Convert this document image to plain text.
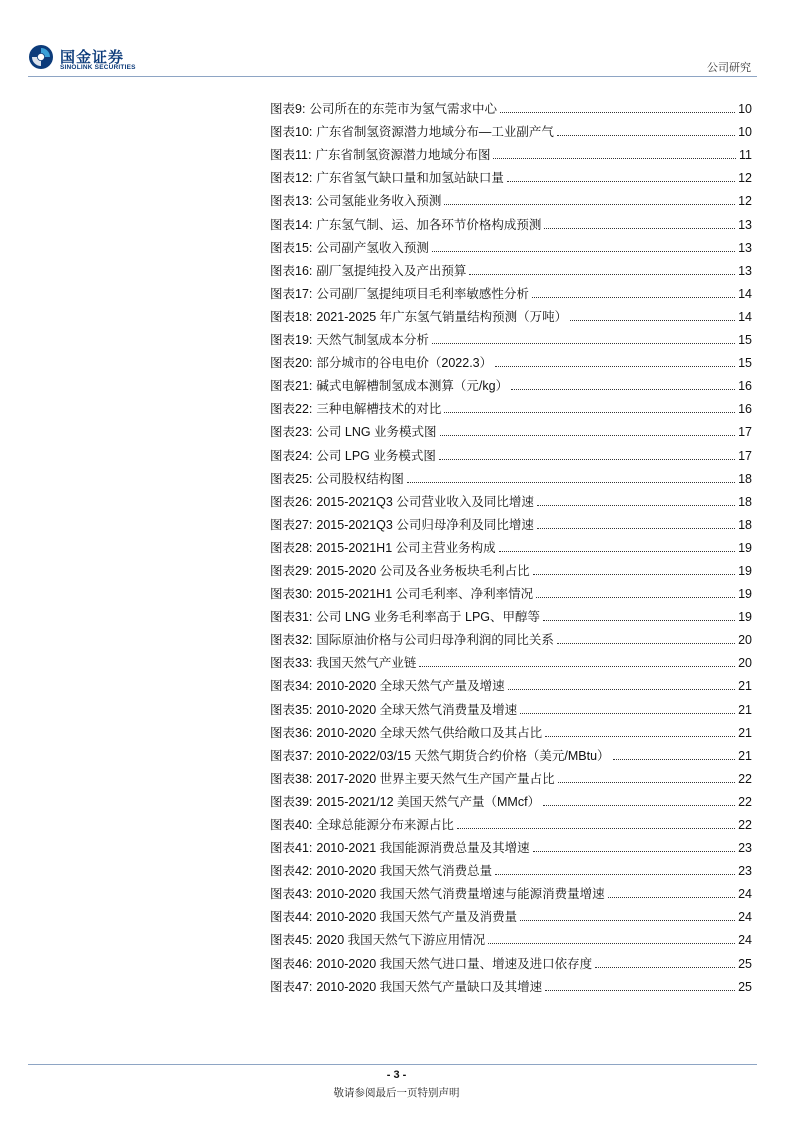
国金证券
SINOLINK SECURITIES	公司研究
图表9: 公司所在的东莞市为氢气需求中心	10
图表10: 广东省制氢资源潜力地域分布—工业副产气	10
图表11: 广东省制氢资源潜力地域分布图	11
图表12: 广东省氢气缺口量和加氢站缺口量	12
图表13: 公司氢能业务收入预测	12
图表14: 广东氢气制、运、加各环节价格构成预测	13
图表15: 公司副产氢收入预测	13
图表16: 副厂氢提纯投入及产出预算	13
图表17: 公司副厂氢提纯项目毛利率敏感性分析	14
图表18: 2021-2025 年广东氢气销量结构预测（万吨）	14
图表19: 天然气制氢成本分析	15
图表20: 部分城市的谷电电价（2022.3）	15
图表21: 碱式电解槽制氢成本测算（元/kg）	16
图表22: 三种电解槽技术的对比	16
图表23: 公司 LNG 业务模式图	17
图表24: 公司 LPG 业务模式图	17
图表25: 公司股权结构图	18
图表26: 2015-2021Q3 公司营业收入及同比增速	18
图表27: 2015-2021Q3 公司归母净利及同比增速	18
图表28: 2015-2021H1 公司主营业务构成	19
图表29: 2015-2020 公司及各业务板块毛利占比	19
图表30: 2015-2021H1 公司毛利率、净利率情况	19
图表31: 公司 LNG 业务毛利率高于 LPG、甲醇等	19
图表32: 国际原油价格与公司归母净利润的同比关系	20
图表33: 我国天然气产业链	20
图表34: 2010-2020 全球天然气产量及增速	21
图表35: 2010-2020 全球天然气消费量及增速	21
图表36: 2010-2020 全球天然气供给敞口及其占比	21
图表37: 2010-2022/03/15 天然气期货合约价格（美元/MBtu）	21
图表38: 2017-2020 世界主要天然气生产国产量占比	22
图表39: 2015-2021/12 美国天然气产量（MMcf）	22
图表40: 全球总能源分布来源占比	22
图表41: 2010-2021 我国能源消费总量及其增速	23
图表42: 2010-2020 我国天然气消费总量	23
图表43: 2010-2020 我国天然气消费量增速与能源消费量增速	24
图表44: 2010-2020 我国天然气产量及消费量	24
图表45: 2020 我国天然气下游应用情况	24
图表46: 2010-2020 我国天然气进口量、增速及进口依存度	25
图表47: 2010-2020 我国天然气产量缺口及其增速	25
- 3 -
敬请参阅最后一页特别声明
